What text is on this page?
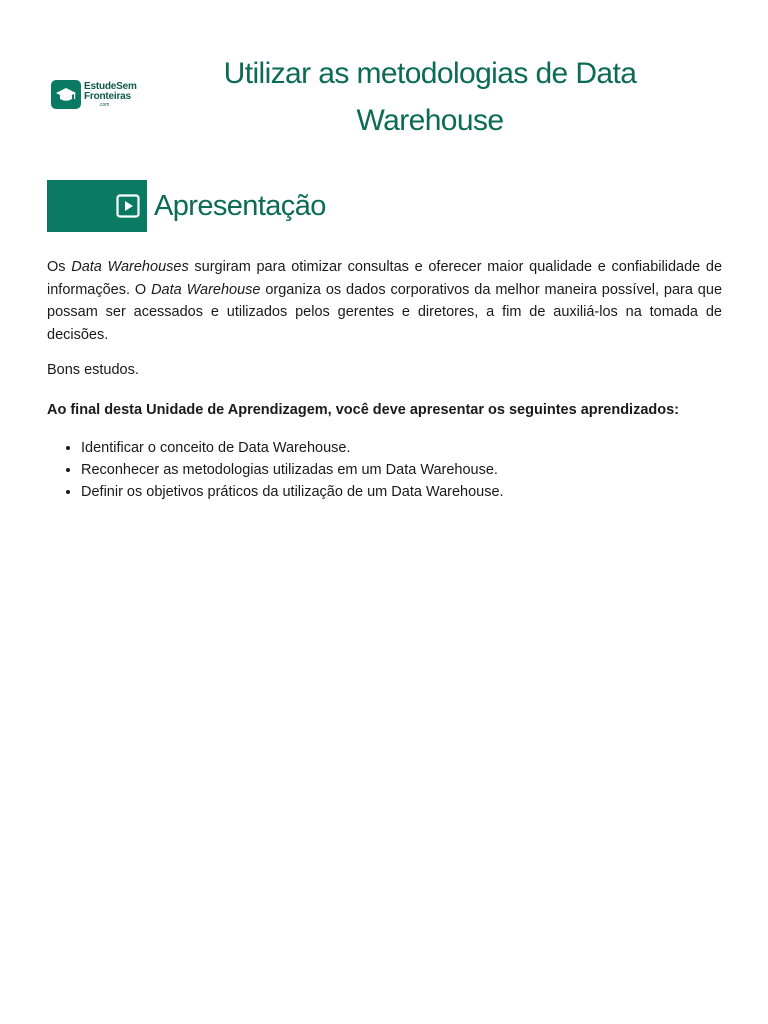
EstudeSem
Fronteiras
.com
Utilizar as metodologias de Data
Warehouse
Apresentação

Os Data Warehouses surgiram para otimizar consultas e oferecer maior qualidade e confiabilidade de informações. O Data Warehouse organiza os dados corporativos da melhor maneira possível, para que possam ser acessados e utilizados pelos gerentes e diretores, a fim de auxiliá-los na tomada de decisões.

Bons estudos.

Ao final desta Unidade de Aprendizagem, você deve apresentar os seguintes aprendizados:

• Identificar o conceito de Data Warehouse.
• Reconhecer as metodologias utilizadas em um Data Warehouse.
• Definir os objetivos práticos da utilização de um Data Warehouse.
